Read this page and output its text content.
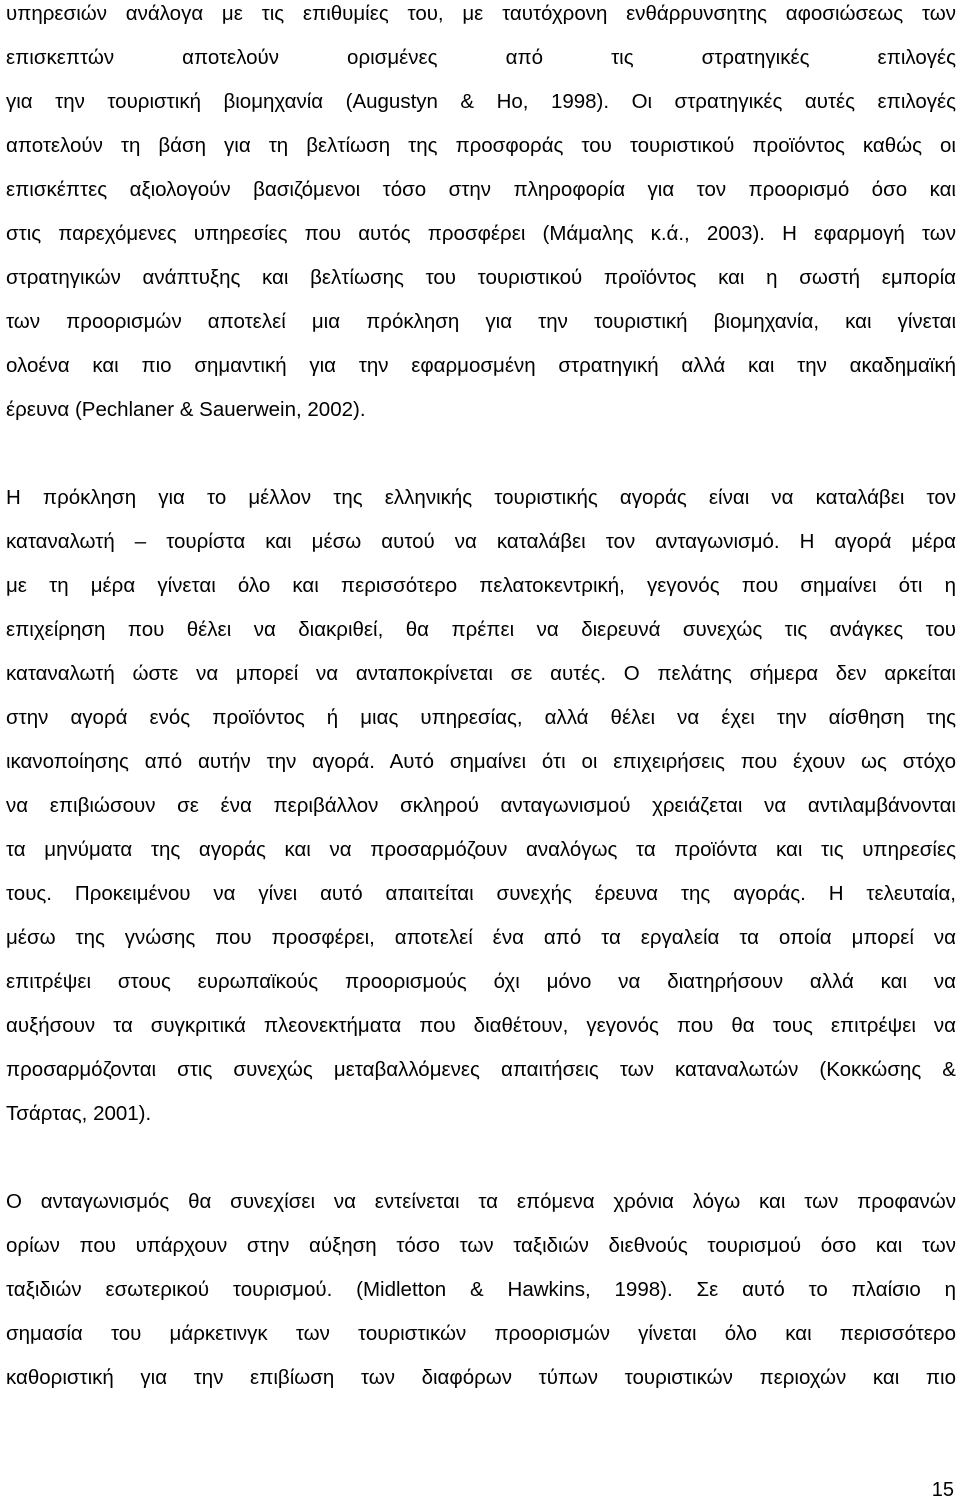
υπηρεσιών ανάλογα με τις επιθυμίες του, με ταυτόχρονη ενθάρρυνσητης αφοσιώσεως των
επισκεπτών αποτελούν ορισμένες από τις στρατηγικές επιλογές
για την τουριστική βιομηχανία (Augustyn & Ho, 1998). Οι στρατηγικές αυτές επιλογές
αποτελούν τη βάση για τη βελτίωση της προσφοράς του τουριστικού προϊόντος καθώς οι
επισκέπτες αξιολογούν βασιζόμενοι τόσο στην πληροφορία για τον προορισμό όσο και
στις παρεχόμενες υπηρεσίες που αυτός προσφέρει (Μάμαλης κ.ά., 2003). Η εφαρμογή των
στρατηγικών ανάπτυξης και βελτίωσης του τουριστικού προϊόντος και η σωστή εμπορία
των προορισμών αποτελεί μια πρόκληση για την τουριστική βιομηχανία, και γίνεται
ολοένα και πιο σημαντική για την εφαρμοσμένη στρατηγική αλλά και την ακαδημαϊκή
έρευνα (Pechlaner & Sauerwein, 2002).
Η πρόκληση για το μέλλον της ελληνικής τουριστικής αγοράς είναι να καταλάβει τον
καταναλωτή – τουρίστα και μέσω αυτού να καταλάβει τον ανταγωνισμό. Η αγορά μέρα
με τη μέρα γίνεται όλο και περισσότερο πελατοκεντρική, γεγονός που σημαίνει ότι η
επιχείρηση που θέλει να διακριθεί, θα πρέπει να διερευνά συνεχώς τις ανάγκες του
καταναλωτή ώστε να μπορεί να ανταποκρίνεται σε αυτές. Ο πελάτης σήμερα δεν αρκείται
στην αγορά ενός προϊόντος ή μιας υπηρεσίας, αλλά θέλει να έχει την αίσθηση της
ικανοποίησης από αυτήν την αγορά. Αυτό σημαίνει ότι οι επιχειρήσεις που έχουν ως στόχο
να επιβιώσουν σε ένα περιβάλλον σκληρού ανταγωνισμού χρειάζεται να αντιλαμβάνονται
τα μηνύματα της αγοράς και να προσαρμόζουν αναλόγως τα προϊόντα και τις υπηρεσίες
τους. Προκειμένου να γίνει αυτό απαιτείται συνεχής έρευνα της αγοράς. Η τελευταία,
μέσω της γνώσης που προσφέρει, αποτελεί ένα από τα εργαλεία τα οποία μπορεί να
επιτρέψει στους ευρωπαϊκούς προορισμούς όχι μόνο να διατηρήσουν αλλά και να
αυξήσουν τα συγκριτικά πλεονεκτήματα που διαθέτουν, γεγονός που θα τους επιτρέψει να
προσαρμόζονται στις συνεχώς μεταβαλλόμενες απαιτήσεις των καταναλωτών (Κοκκώσης &
Τσάρτας, 2001).
Ο ανταγωνισμός θα συνεχίσει να εντείνεται τα επόμενα χρόνια λόγω και των προφανών
ορίων που υπάρχουν στην αύξηση τόσο των ταξιδιών διεθνούς τουρισμού όσο και των
ταξιδιών εσωτερικού τουρισμού. (Midletton & Hawkins, 1998). Σε αυτό το πλαίσιο η
σημασία του μάρκετινγκ των τουριστικών προορισμών γίνεται όλο και περισσότερο
καθοριστική για την επιβίωση των διαφόρων τύπων τουριστικών περιοχών και πιο
15
